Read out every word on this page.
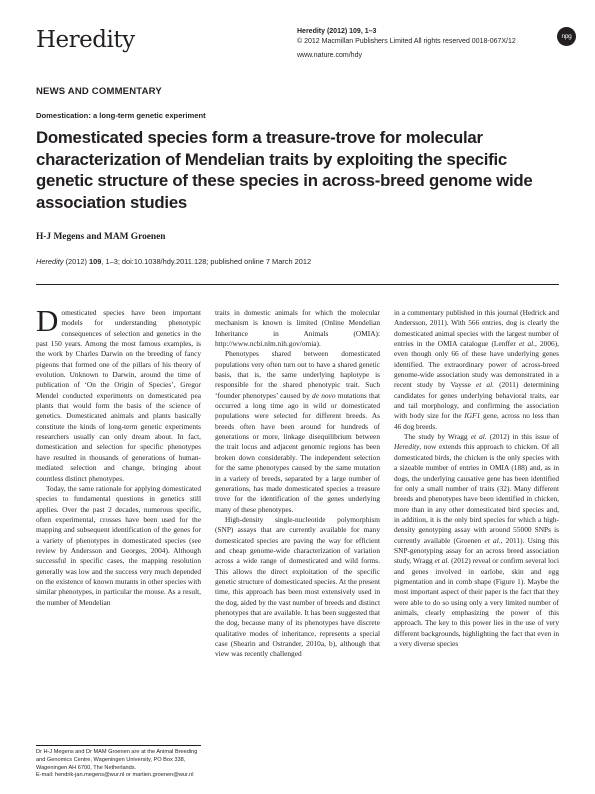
Heredity	Heredity (2012) 109, 1–3
© 2012 Macmillan Publishers Limited All rights reserved 0018-067X/12
www.nature.com/hdy
npg
NEWS AND COMMENTARY
Domestication: a long-term genetic experiment
Domesticated species form a treasure-trove for molecular characterization of Mendelian traits by exploiting the specific genetic structure of these species in across-breed genome wide association studies
H-J Megens and MAM Groenen
Heredity (2012) 109, 1–3; doi:10.1038/hdy.2011.128; published online 7 March 2012

Domesticated species have been important models for understanding phenotypic consequences of selection and genetics in the past 150 years. Among the most famous examples, is the work by Charles Darwin on the breeding of fancy pigeons that formed one of the pillars of his theory of evolution. Unknown to Darwin, around the time of publication of ‘On the Origin of Species’, Gregor Mendel conducted experiments on domesticated pea plants that would form the basis of the science of genetics. Domesticated animals and plants basically constitute the kinds of long-term genetic experiments researchers usually can only dream about. In fact, domestication and selection for specific phenotypes have resulted in thousands of generations of human-mediated selection and change, bringing about countless distinct phenotypes.

Today, the same rationale for applying domesticated species to fundamental questions in genetics still applies. Over the past 2 decades, numerous specific, often experimental, crosses have been used for the mapping and subsequent identification of the genes for a variety of phenotypes in domesticated species (see review by Andersson and Georges, 2004). Although successful in specific cases, the mapping resolution generally was low and the success very much depended on the existence of known mutants in other species with similar phenotypes, in particular the mouse. As a result, the number of Mendelian

traits in domestic animals for which the molecular mechanism is known is limited (Online Mendelian Inheritance in Animals (OMIA): http://www.ncbi.nlm.nih.gov/omia).

Phenotypes shared between domesticated populations very often turn out to have a shared genetic basis, that is, the same underlying haplotype is responsible for the shared phenotypic trait. Such ‘founder phenotypes’ caused by de novo mutations that occurred a long time ago in wild or domesticated populations were selected for different breeds. As breeds often have been around for hundreds of generations or more, linkage disequilibrium between the trait locus and adjacent genomic regions has been broken down considerably. The independent selection for the same phenotypes caused by the same mutation in a variety of breeds, separated by a large number of generations, has made domesticated species a treasure trove for the identification of the genes underlying many of these phenotypes.

High-density single-nucleotide polymorphism (SNP) assays that are currently available for many domesticated species are paving the way for efficient and cheap genome-wide characterization of variation across a wide range of domesticated and wild forms. This allows the direct exploitation of the specific genetic structure of domesticated species. At the present time, this approach has been most extensively used in the dog, aided by the vast number of breeds and distinct phenotypes that are available. It has been suggested that the dog, because many of its phenotypes have discrete qualitative modes of inheritance, represents a special case (Shearin and Ostrander, 2010a, b), although that view was recently challenged

in a commentary published in this journal (Hedrick and Andersson, 2011). With 566 entries, dog is clearly the domesticated animal species with the largest number of entries in the OMIA catalogue (Lenffer et al., 2006), even though only 66 of these have underlying genes identified. The extraordinary power of across-breed genome-wide association study was demonstrated in a recent study by Vaysse et al. (2011) determining candidates for genes underlying behavioral traits, ear and tail morphology, and confirming the association with body size for the IGF1 gene, across no less than 46 dog breeds.

The study by Wragg et al. (2012) in this issue of Heredity, now extends this approach to chicken. Of all domesticated birds, the chicken is the only species with a sizeable number of entries in OMIA (188) and, as in dogs, the underlying causative gene has been identified for only a small number of traits (32). Many different breeds and phenotypes have been identified in chicken, more than in any other domesticated bird species and, in addition, it is the only bird species for which a high-density genotyping assay with around 55000 SNPs is currently available (Groenen et al., 2011). Using this SNP-genotyping assay for an across breed association study, Wragg et al. (2012) reveal or confirm several loci and genes involved in earlobe, skin and egg pigmentation and in comb shape (Figure 1). Maybe the most important aspect of their paper is the fact that they were able to do so using only a very limited number of animals, clearly emphasizing the power of this approach. The key to this power lies in the use of very different backgrounds, highlighting the fact that even in a very diverse species

Dr H-J Megens and Dr MAM Groenen are at the Animal Breeding and Genomics Centre, Wageningen University, PO Box 338, Wageningen AH 6700, The Netherlands.
E-mail: hendrik-jan.megens@wur.nl or martien.groenen@wur.nl
